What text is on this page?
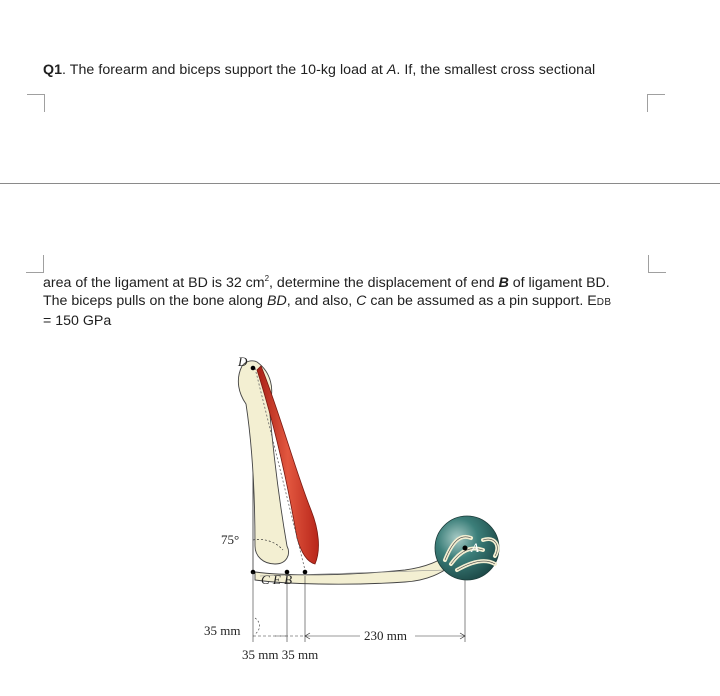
Q1. The forearm and biceps support the 10-kg load at A. If, the smallest cross sectional
area of the ligament at BD is 32 $cm^2$, determine the displacement of end B of ligament BD.
The biceps pulls on the bone along BD, and also, C can be assumed as a pin support. EDB
= 150 GPa
D
A
C E B
75°
35 mm
35 mm 35 mm
230 mm
